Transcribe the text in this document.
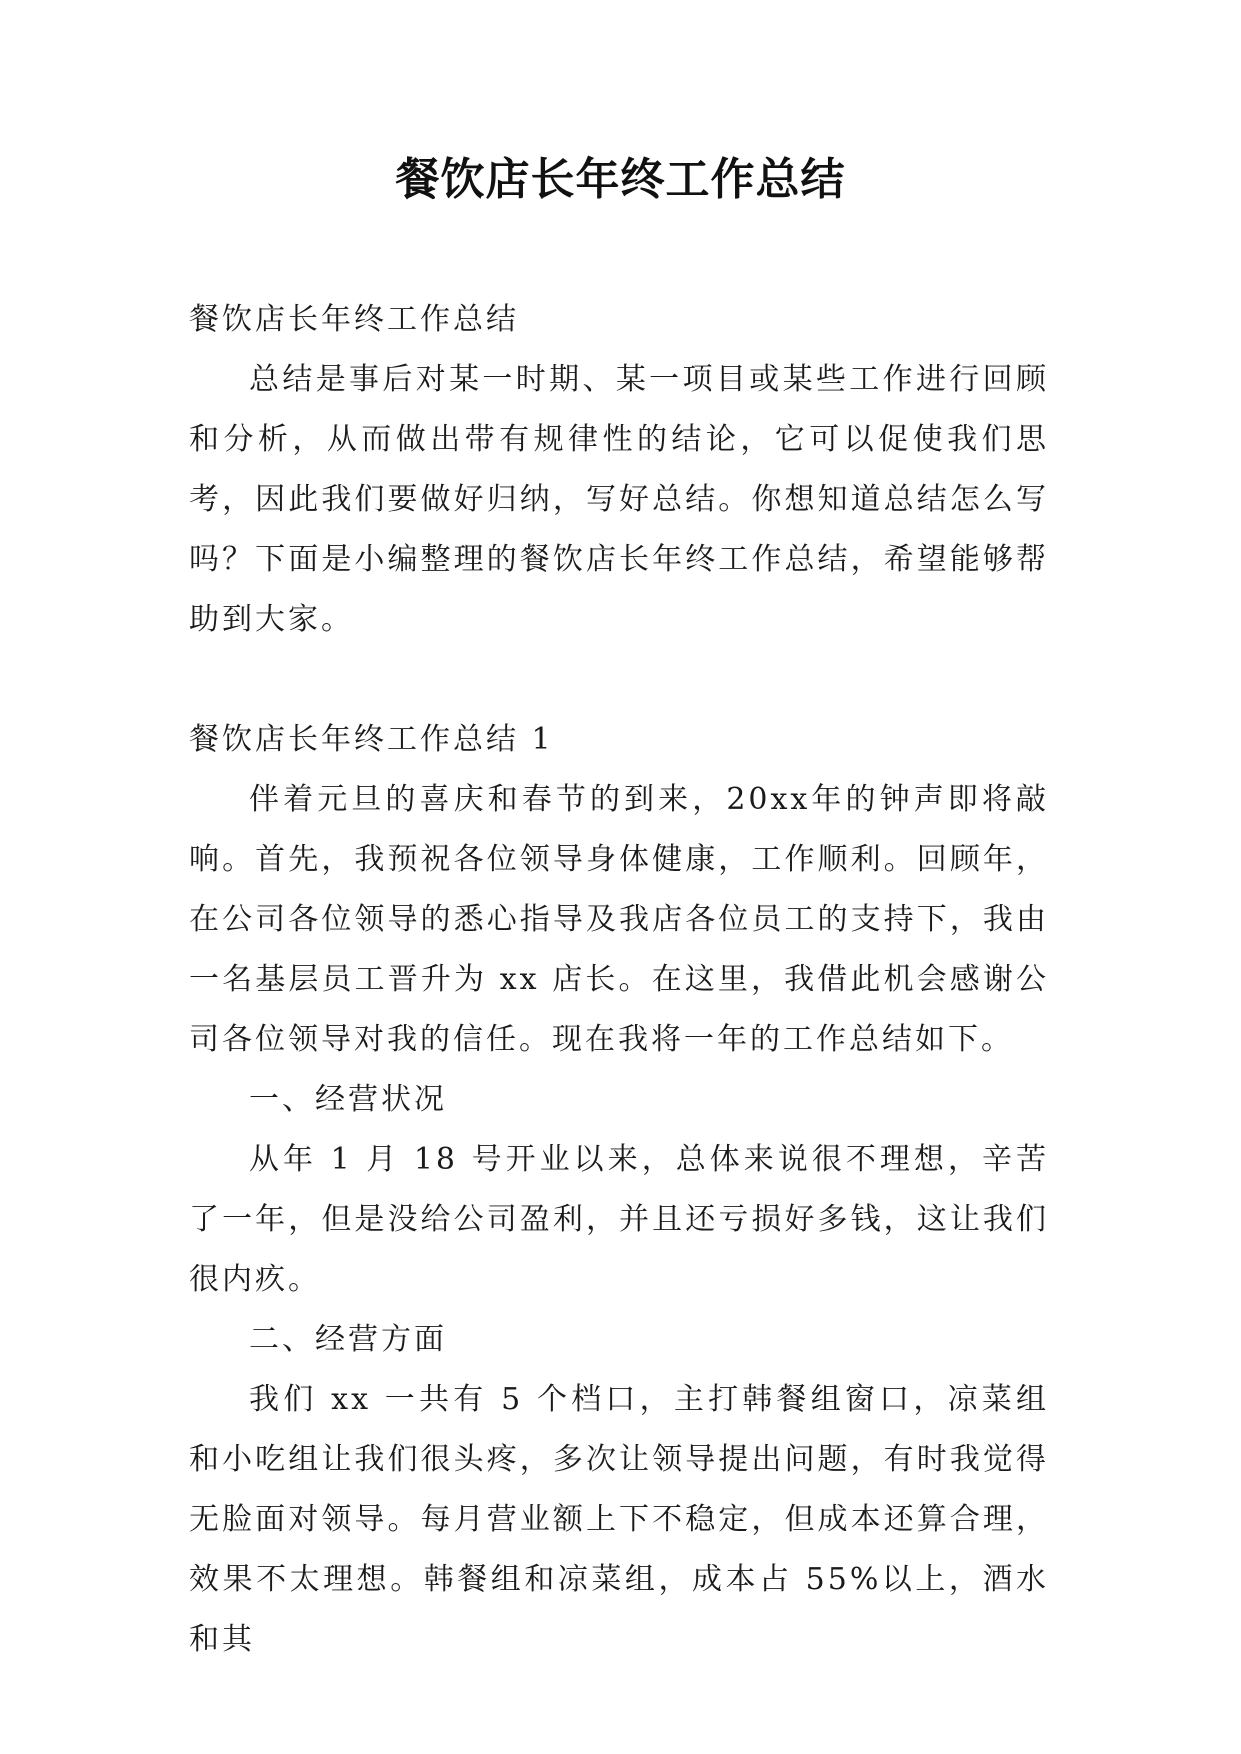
餐饮店长年终工作总结

餐饮店长年终工作总结

总结是事后对某一时期、某一项目或某些工作进行回顾和分析，从而做出带有规律性的结论，它可以促使我们思考，因此我们要做好归纳，写好总结。你想知道总结怎么写吗？下面是小编整理的餐饮店长年终工作总结，希望能够帮助到大家。

餐饮店长年终工作总结 1

伴着元旦的喜庆和春节的到来，20xx年的钟声即将敲响。首先，我预祝各位领导身体健康，工作顺利。回顾年，在公司各位领导的悉心指导及我店各位员工的支持下，我由一名基层员工晋升为 xx 店长。在这里，我借此机会感谢公司各位领导对我的信任。现在我将一年的工作总结如下。

一、经营状况

从年 1 月 18 号开业以来，总体来说很不理想，辛苦了一年，但是没给公司盈利，并且还亏损好多钱，这让我们很内疚。

二、经营方面

我们 xx 一共有 5 个档口，主打韩餐组窗口，凉菜组和小吃组让我们很头疼，多次让领导提出问题，有时我觉得无脸面对领导。每月营业额上下不稳定，但成本还算合理，效果不太理想。韩餐组和凉菜组，成本占 55%以上，酒水和其
